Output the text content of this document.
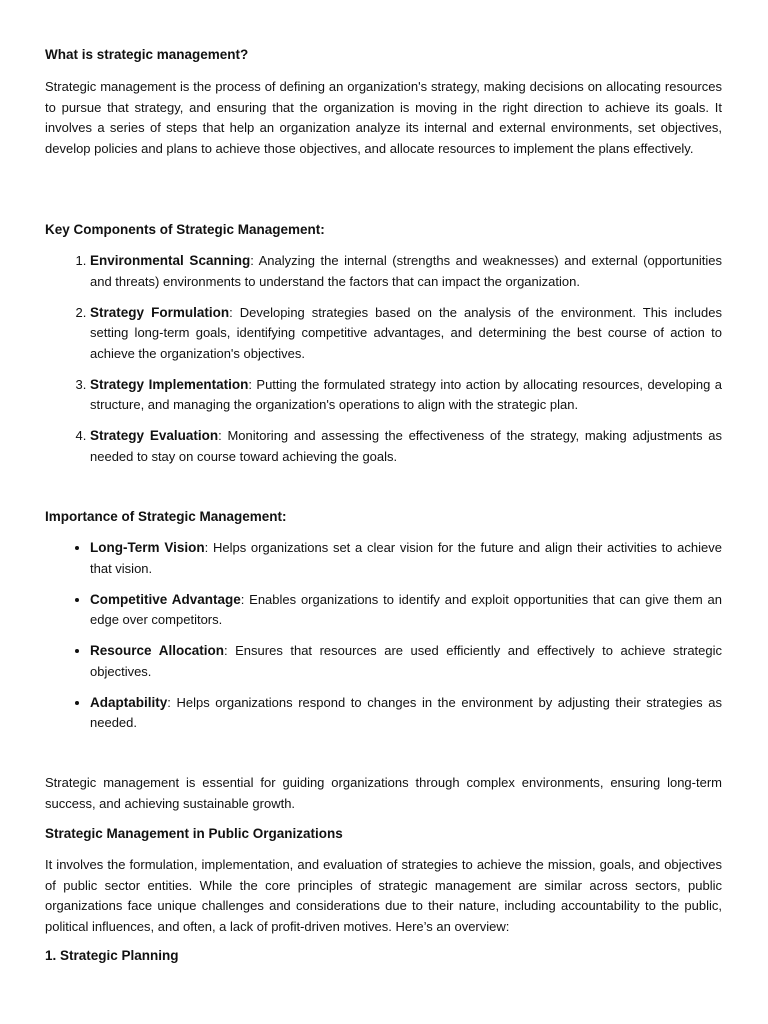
What is strategic management?

Strategic management is the process of defining an organization's strategy, making decisions on allocating resources to pursue that strategy, and ensuring that the organization is moving in the right direction to achieve its goals. It involves a series of steps that help an organization analyze its internal and external environments, set objectives, develop policies and plans to achieve those objectives, and allocate resources to implement the plans effectively.

Key Components of Strategic Management:
1. Environmental Scanning: Analyzing the internal (strengths and weaknesses) and external (opportunities and threats) environments to understand the factors that can impact the organization.
2. Strategy Formulation: Developing strategies based on the analysis of the environment. This includes setting long-term goals, identifying competitive advantages, and determining the best course of action to achieve the organization's objectives.
3. Strategy Implementation: Putting the formulated strategy into action by allocating resources, developing a structure, and managing the organization's operations to align with the strategic plan.
4. Strategy Evaluation: Monitoring and assessing the effectiveness of the strategy, making adjustments as needed to stay on course toward achieving the goals.
Importance of Strategic Management:
• Long-Term Vision: Helps organizations set a clear vision for the future and align their activities to achieve that vision.
• Competitive Advantage: Enables organizations to identify and exploit opportunities that can give them an edge over competitors.
• Resource Allocation: Ensures that resources are used efficiently and effectively to achieve strategic objectives.
• Adaptability: Helps organizations respond to changes in the environment by adjusting their strategies as needed.

Strategic management is essential for guiding organizations through complex environments, ensuring long-term success, and achieving sustainable growth.

Strategic Management in Public Organizations

It involves the formulation, implementation, and evaluation of strategies to achieve the mission, goals, and objectives of public sector entities. While the core principles of strategic management are similar across sectors, public organizations face unique challenges and considerations due to their nature, including accountability to the public, political influences, and often, a lack of profit-driven motives. Here’s an overview:

1. Strategic Planning
